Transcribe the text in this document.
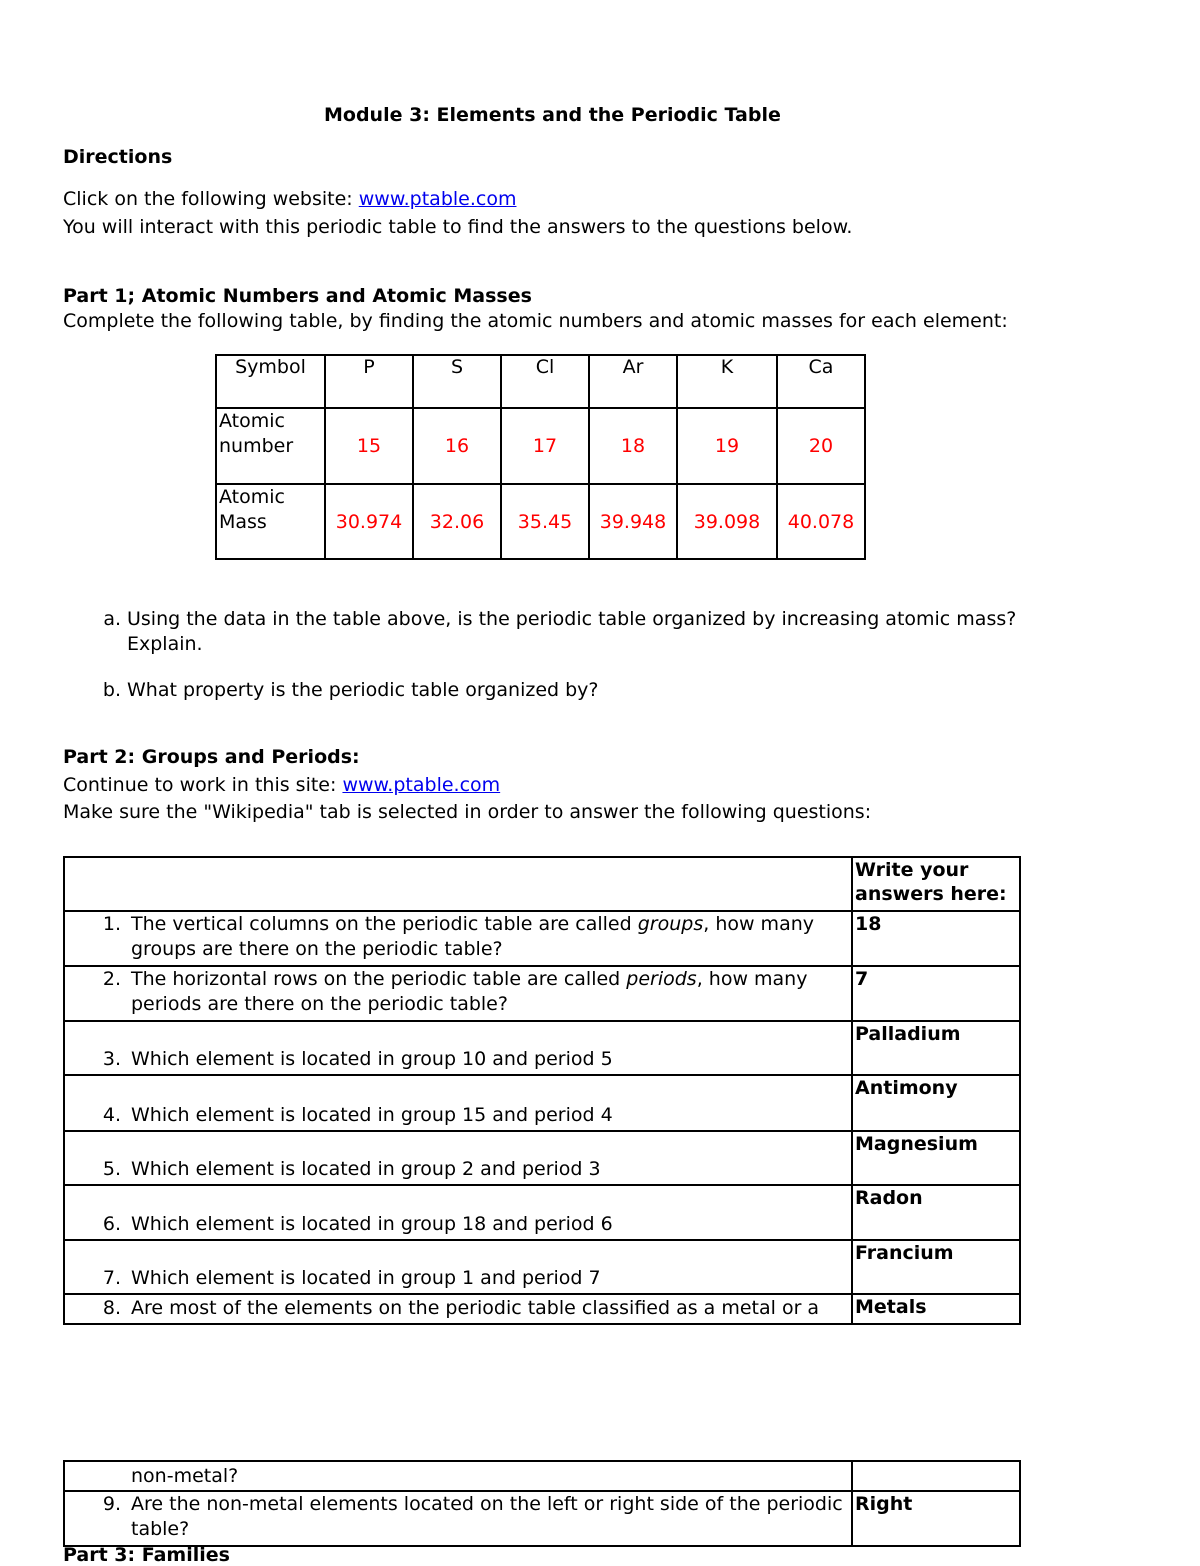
Module 3: Elements and the Periodic Table
Directions
Click on the following website: www.ptable.com
You will interact with this periodic table to find the answers to the questions below.
Part 1; Atomic Numbers and Atomic Masses
Complete the following table, by finding the atomic numbers and atomic masses for each element:
Symbol	P	S	Cl	Ar	K	Ca
Atomic
number	15	16	17	18	19	20
Atomic
Mass	30.974	32.06	35.45	39.948	39.098	40.078
a. Using the data in the table above, is the periodic table organized by increasing atomic mass?
Explain.
b. What property is the periodic table organized by?
Part 2: Groups and Periods:
Continue to work in this site: www.ptable.com
Make sure the "Wikipedia" tab is selected in order to answer the following questions:
	Write your
answers here:

1. The vertical columns on the periodic table are called groups, how many
groups are there on the periodic table?	18

2. The horizontal rows on the periodic table are called periods, how many
periods are there on the periodic table?	7

3. Which element is located in group 10 and period 5	Palladium

4. Which element is located in group 15 and period 4	Antimony

5. Which element is located in group 2 and period 3	Magnesium

6. Which element is located in group 18 and period 6	Radon

7. Which element is located in group 1 and period 7	Francium

8. Are most of the elements on the periodic table classified as a metal or a	Metals
non-metal?	

9. Are the non-metal elements located on the left or right side of the periodic
table?	Right
Part 3: Families
